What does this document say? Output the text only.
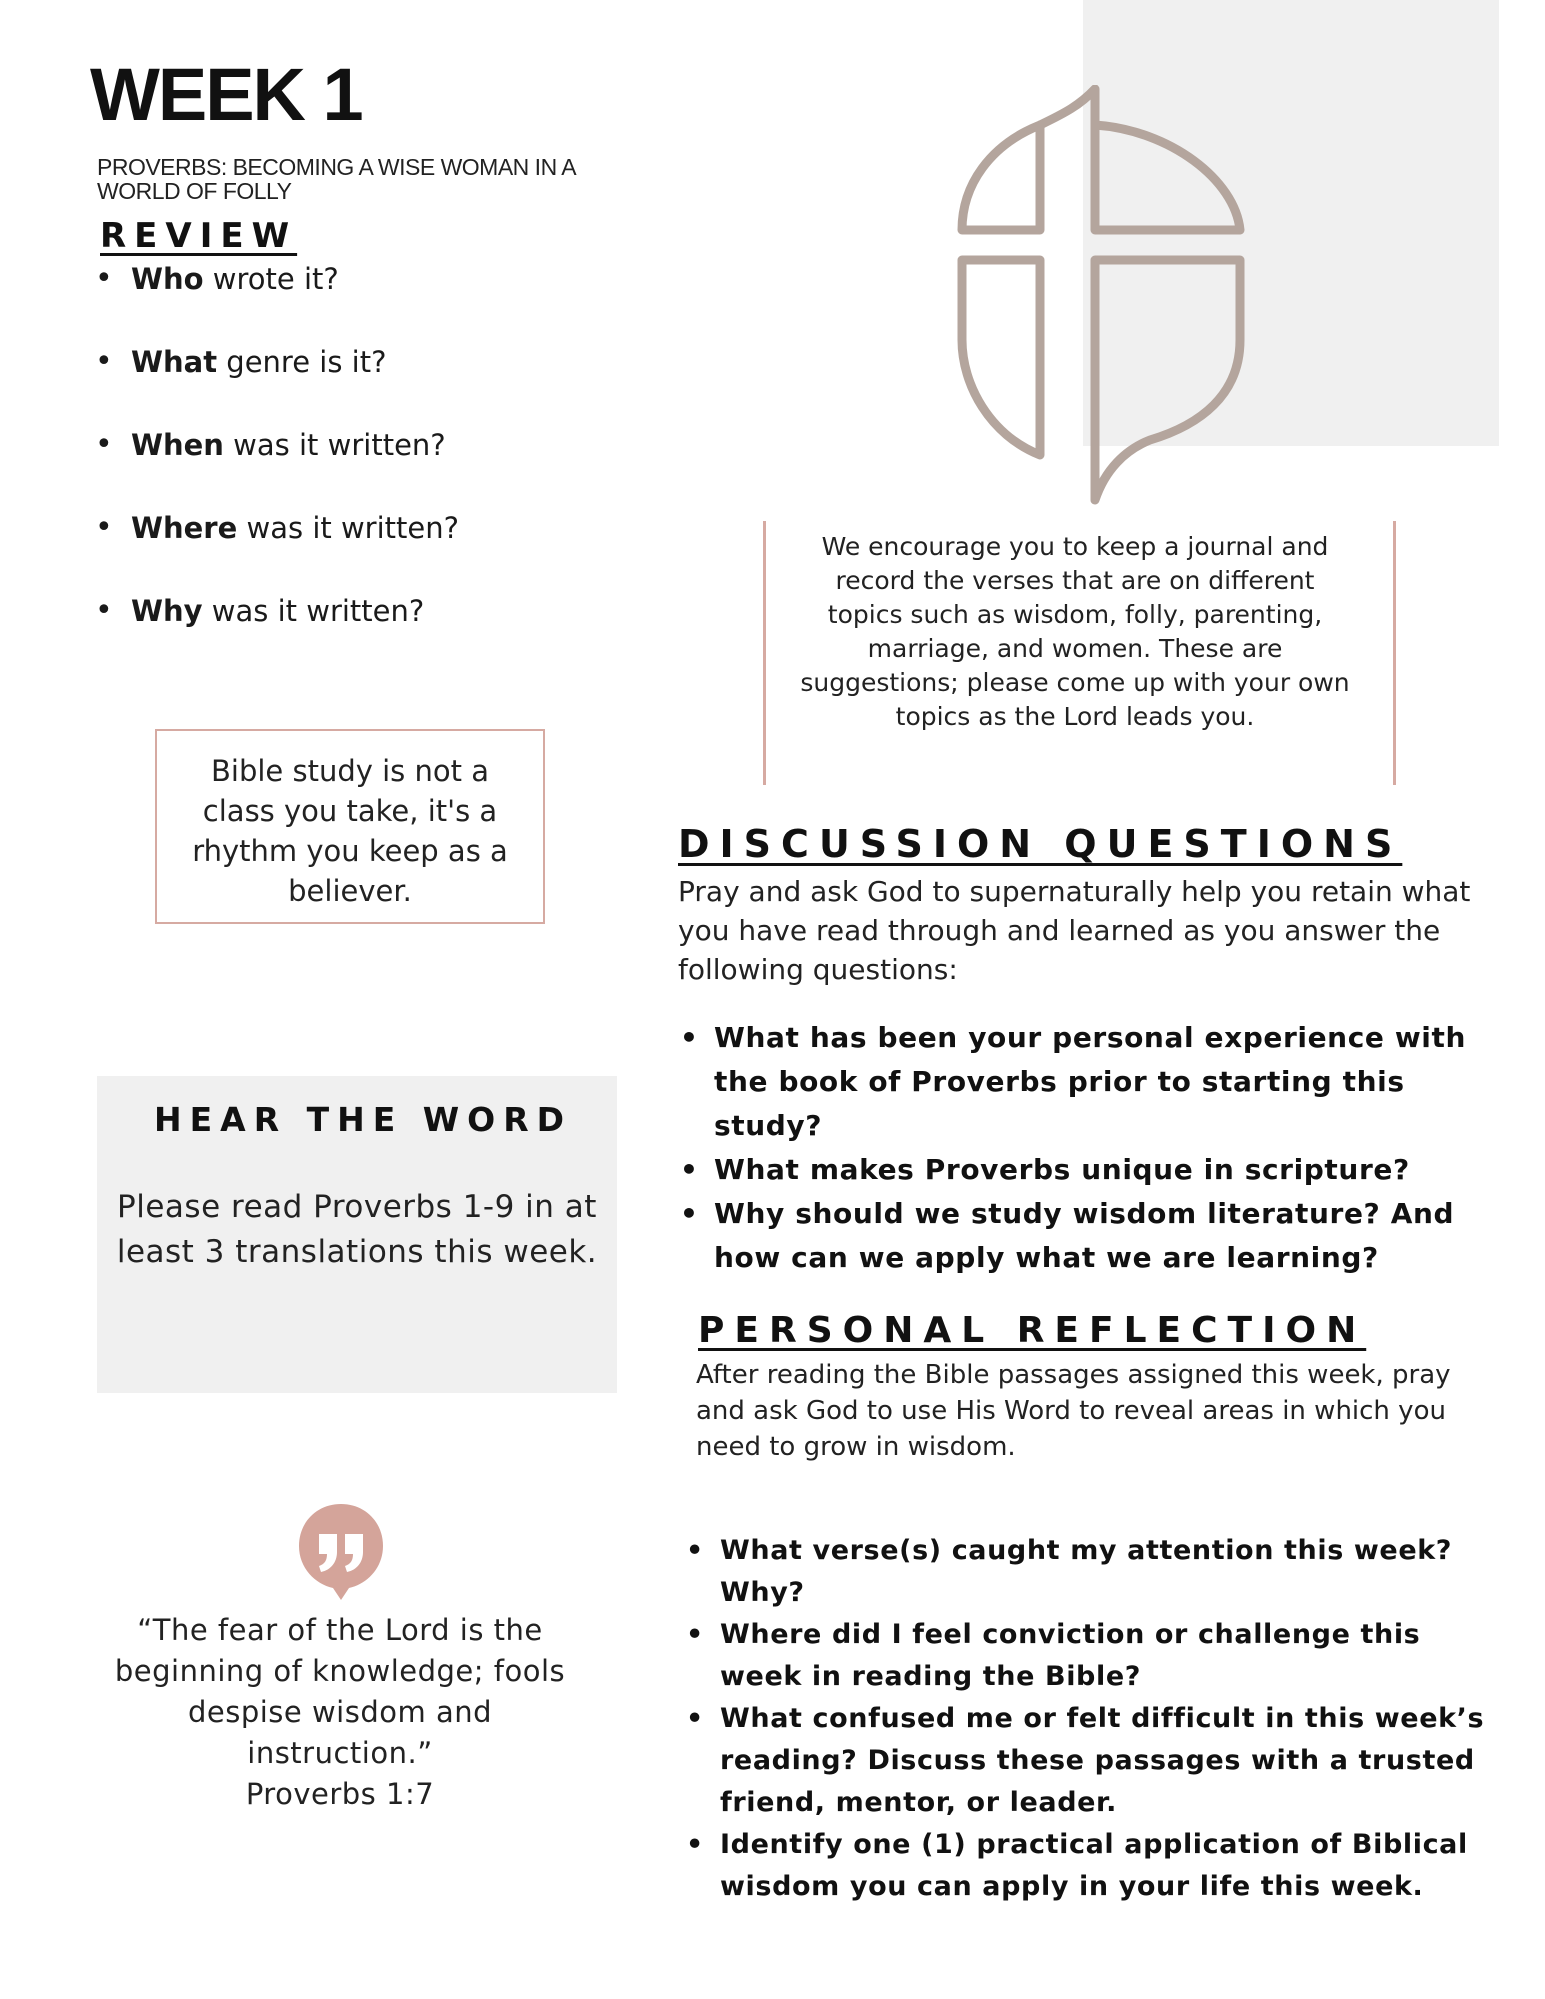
WEEK 1
PROVERBS: BECOMING A WISE WOMAN IN A WORLD OF FOLLY
REVIEW
• Who wrote it?
• What genre is it?
• When was it written?
• Where was it written?
• Why was it written?
Bible study is not a class you take, it's a rhythm you keep as a believer.
HEAR THE WORD
Please read Proverbs 1-9 in at least 3 translations this week.
“The fear of the Lord is the beginning of knowledge; fools despise wisdom and instruction.”
Proverbs 1:7
We encourage you to keep a journal and record the verses that are on different topics such as wisdom, folly, parenting, marriage, and women. These are suggestions; please come up with your own topics as the Lord leads you.
DISCUSSION QUESTIONS
Pray and ask God to supernaturally help you retain what you have read through and learned as you answer the following questions:
• What has been your personal experience with the book of Proverbs prior to starting this study?
• What makes Proverbs unique in scripture?
• Why should we study wisdom literature? And how can we apply what we are learning?
PERSONAL REFLECTION
After reading the Bible passages assigned this week, pray and ask God to use His Word to reveal areas in which you need to grow in wisdom.
• What verse(s) caught my attention this week? Why?
• Where did I feel conviction or challenge this week in reading the Bible?
• What confused me or felt difficult in this week’s reading? Discuss these passages with a trusted friend, mentor, or leader.
• Identify one (1) practical application of Biblical wisdom you can apply in your life this week.
